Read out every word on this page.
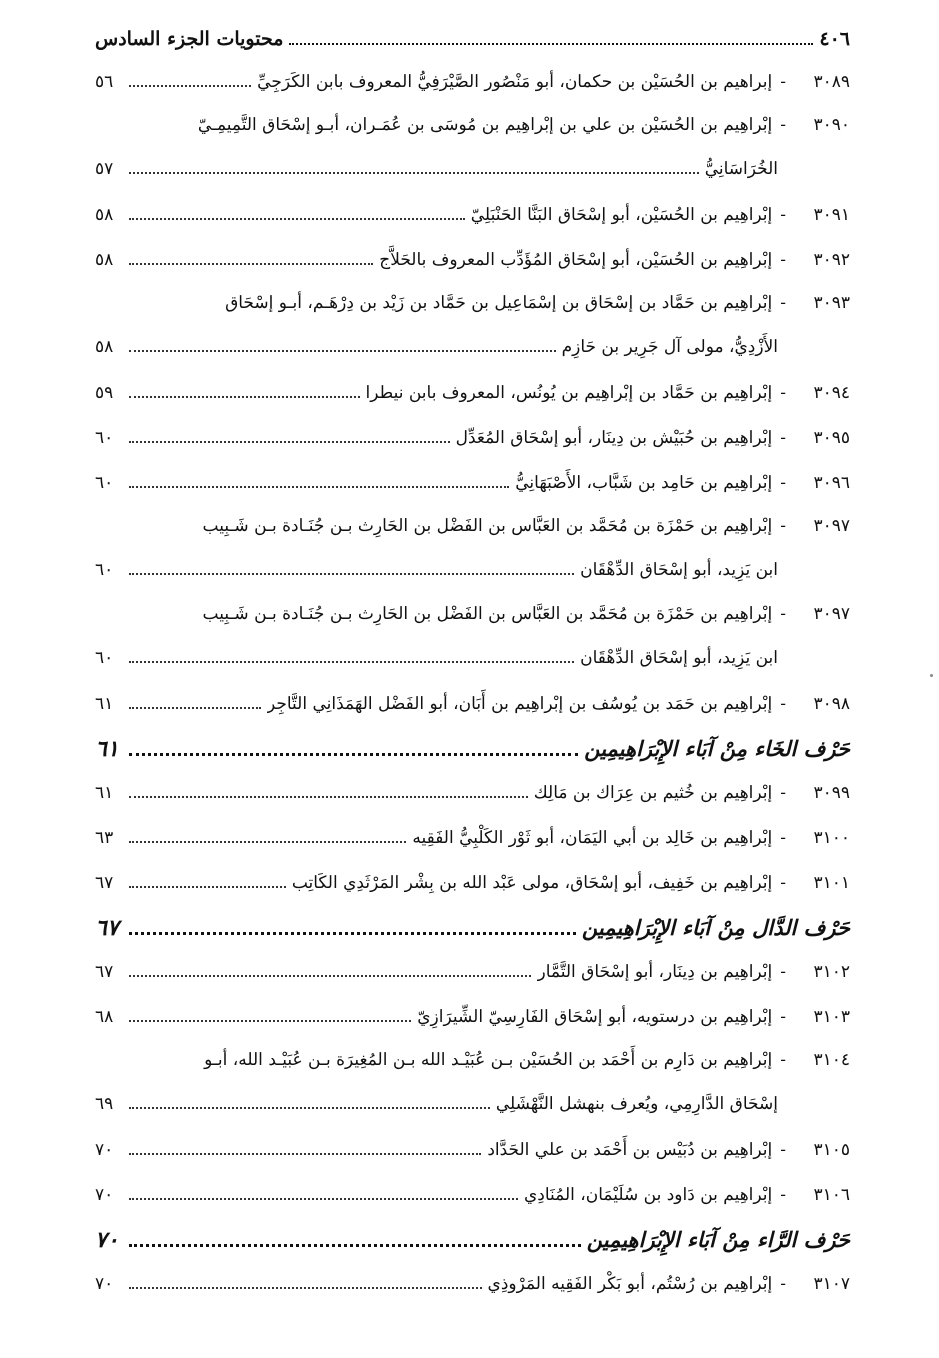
٤٠٦
محتويات الجزء السادس
٣٠٨٩
-
إبراهيم بن الحُسَيْن بن حكمان، أبو مَنْصُور الصَّيْرَفِيُّ المعروف بابن الكَرَجِيِّ
٥٦
٣٠٩٠-إبْراهِيم بن الحُسَيْن بن علي بن إبْراهِيم بن مُوسَى بن عُمَـران، أبـو إسْحَاق التَّمِيمِـيّ
الخُرَاسَانِيُّ
٥٧
٣٠٩١
-
إبْراهِيم بن الحُسَيْن، أبو إسْحَاق البَنَّا الحَنْبَلِيّ
٥٨
٣٠٩٢
-
إبْراهِيم بن الحُسَيْن، أبو إسْحَاق المُؤَدِّب المعروف بالحَلاَّج
٥٨
٣٠٩٣-إبْراهِيم بن حَمَّاد بن إسْحَاق بن إسْمَاعِيل بن حَمَّاد بن زَيْد بن دِرْهَـم، أبـو إسْحَاق
الأَزْدِيُّ، مولى آل جَرِير بن حَازِم
٥٨
٣٠٩٤
-
إبْراهِيم بن حَمَّاد بن إبْراهِيم بن يُونُس، المعروف بابن نيطرا
٥٩
٣٠٩٥
-
إبْراهِيم بن حُبَيْش بن دِينَار، أبو إسْحَاق المُعَدِّل
٦٠
٣٠٩٦
-
إبْراهِيم بن حَامِد بن شَبَّاب، الأَصْبَهَانِيُّ
٦٠
٣٠٩٧-إبْراهِيم بن حَمْزَة بن مُحَمَّد بن العَبَّاس بن الفَضْل بن الحَارِث بـن جُنَـادة بـن شَـبِيب
ابن يَزِيد، أبو إسْحَاق الدِّهْقَان
٦٠
٣٠٩٧-إبْراهِيم بن حَمْزَة بن مُحَمَّد بن العَبَّاس بن الفَضْل بن الحَارِث بـن جُنَـادة بـن شَـبِيب
ابن يَزِيد، أبو إسْحَاق الدِّهْقَان
٦٠
٣٠٩٨
-
إبْراهِيم بن حَمَد بن يُوسُف بن إبْراهِيم بن أَبَان، أبو الفَضْل الهَمَذَانِي التَّاجِر
٦١
حَرْف الخَاء مِنْ آبَاء الإِبْرَاهِيمِين
٦١
٣٠٩٩
-
إبْراهِيم بن خُثيم بن عِرَاك بن مَالِك
٦١
٣١٠٠
-
إبْراهِيم بن خَالِد بن أبي اليَمَان، أبو ثَوْر الكَلْبِيُّ الفَقِيه
٦٣
٣١٠١
-
إبْراهِيم بن خَفِيف، أبو إسْحَاق، مولى عَبْد الله بن بِشْر المَرْثَدِي الكَاتِب
٦٧
حَرْف الدَّال مِنْ آبَاء الإِبْرَاهِيمِين
٦٧
٣١٠٢
-
إبْراهِيم بن دِينَار، أبو إسْحَاق التَّمَّار
٦٧
٣١٠٣
-
إبْراهِيم بن درستويه، أبو إسْحَاق الفَارِسِيّ الشِّيرَازِيّ
٦٨
٣١٠٤-إبْراهِيم بن دَارِم بن أَحْمَد بن الحُسَيْن بـن عُبَيْـد الله بـن المُغِيرَة بـن عُبَيْـد الله، أبـو
إسْحَاق الدَّارِمِي، ويُعرف بنهشل النَّهْشَلِي
٦٩
٣١٠٥
-
إبْراهِيم بن دُبَيْس بن أَحْمَد بن علي الحَدَّاد
٧٠
٣١٠٦
-
إبْراهِيم بن دَاود بن سُلَيْمَان، المُنَادِي
٧٠
حَرْف الرَّاء مِنْ آبَاء الإِبْرَاهِيمِين
٧٠
٣١٠٧
-
إبْراهِيم بن رُسْتُم، أبو بَكْر الفَقِيه المَرْوذِي
٧٠
